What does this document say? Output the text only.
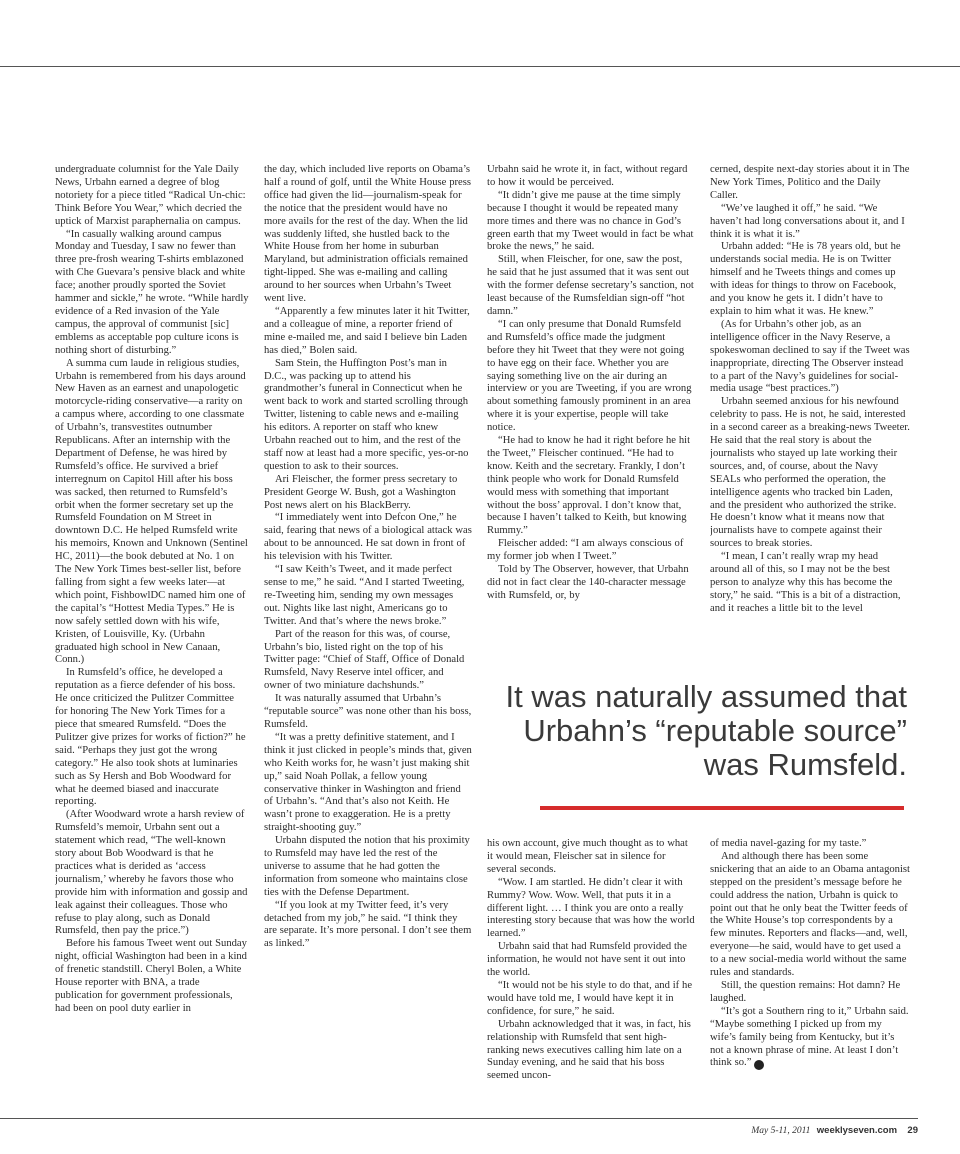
undergraduate columnist for the Yale Daily News, Urbahn earned a degree of blog notoriety for a piece titled “Radical Un-chic: Think Before You Wear,” which decried the uptick of Marxist paraphernalia on campus.

“In casually walking around campus Monday and Tuesday, I saw no fewer than three pre-frosh wearing T-shirts emblazoned with Che Guevara’s pensive black and white face; another proudly sported the Soviet hammer and sickle,” he wrote. “While hardly evidence of a Red invasion of the Yale campus, the approval of communist [sic] emblems as acceptable pop culture icons is nothing short of disturbing.”

A summa cum laude in religious studies, Urbahn is remembered from his days around New Haven as an earnest and unapologetic motorcycle-riding conservative—a rarity on a campus where, according to one classmate of Urbahn’s, transvestites outnumber Republicans. After an internship with the Department of Defense, he was hired by Rumsfeld’s office. He survived a brief interregnum on Capitol Hill after his boss was sacked, then returned to Rumsfeld’s orbit when the former secretary set up the Rumsfeld Foundation on M Street in downtown D.C. He helped Rumsfeld write his memoirs, Known and Unknown (Sentinel HC, 2011)—the book debuted at No. 1 on The New York Times best-seller list, before falling from sight a few weeks later—at which point, FishbowlDC named him one of the capital’s “Hottest Media Types.” He is now safely settled down with his wife, Kristen, of Louisville, Ky. (Urbahn graduated high school in New Canaan, Conn.)

In Rumsfeld’s office, he developed a reputation as a fierce defender of his boss. He once criticized the Pulitzer Committee for honoring The New York Times for a piece that smeared Rumsfeld. “Does the Pulitzer give prizes for works of fiction?” he said. “Perhaps they just got the wrong category.” He also took shots at luminaries such as Sy Hersh and Bob Woodward for what he deemed biased and inaccurate reporting.

(After Woodward wrote a harsh review of Rumsfeld’s memoir, Urbahn sent out a statement which read, “The well-known story about Bob Woodward is that he practices what is derided as ‘access journalism,’ whereby he favors those who provide him with information and gossip and leak against their colleagues. Those who refuse to play along, such as Donald Rumsfeld, then pay the price.”)

Before his famous Tweet went out Sunday night, official Washington had been in a kind of frenetic standstill. Cheryl Bolen, a White House reporter with BNA, a trade publication for government professionals, had been on pool duty earlier in

the day, which included live reports on Obama’s half a round of golf, until the White House press office had given the lid—journalism-speak for the notice that the president would have no more avails for the rest of the day. When the lid was suddenly lifted, she hustled back to the White House from her home in suburban Maryland, but administration officials remained tight-lipped. She was e-mailing and calling around to her sources when Urbahn’s Tweet went live.

“Apparently a few minutes later it hit Twitter, and a colleague of mine, a reporter friend of mine e-mailed me, and said I believe bin Laden has died,” Bolen said.

Sam Stein, the Huffington Post’s man in D.C., was packing up to attend his grandmother’s funeral in Connecticut when he went back to work and started scrolling through Twitter, listening to cable news and e-mailing his editors. A reporter on staff who knew Urbahn reached out to him, and the rest of the staff now at least had a more specific, yes-or-no question to ask to their sources.

Ari Fleischer, the former press secretary to President George W. Bush, got a Washington Post news alert on his BlackBerry.

“I immediately went into Defcon One,” he said, fearing that news of a biological attack was about to be announced. He sat down in front of his television with his Twitter.

“I saw Keith’s Tweet, and it made perfect sense to me,” he said. “And I started Tweeting, re-Tweeting him, sending my own messages out. Nights like last night, Americans go to Twitter. And that’s where the news broke.”

Part of the reason for this was, of course, Urbahn’s bio, listed right on the top of his Twitter page: “Chief of Staff, Office of Donald Rumsfeld, Navy Reserve intel officer, and owner of two miniature dachshunds.”

It was naturally assumed that Urbahn’s “reputable source” was none other than his boss, Rumsfeld.

“It was a pretty definitive statement, and I think it just clicked in people’s minds that, given who Keith works for, he wasn’t just making shit up,” said Noah Pollak, a fellow young conservative thinker in Washington and friend of Urbahn’s. “And that’s also not Keith. He wasn’t prone to exaggeration. He is a pretty straight-shooting guy.”

Urbahn disputed the notion that his proximity to Rumsfeld may have led the rest of the universe to assume that he had gotten the information from someone who maintains close ties with the Defense Department.

“If you look at my Twitter feed, it’s very detached from my job,” he said. “I think they are separate. It’s more personal. I don’t see them as linked.”

Urbahn said he wrote it, in fact, without regard to how it would be perceived.

“It didn’t give me pause at the time simply because I thought it would be repeated many more times and there was no chance in God’s green earth that my Tweet would in fact be what broke the news,” he said.

Still, when Fleischer, for one, saw the post, he said that he just assumed that it was sent out with the former defense secretary’s sanction, not least because of the Rumsfeldian sign-off “hot damn.”

“I can only presume that Donald Rumsfeld and Rumsfeld’s office made the judgment before they hit Tweet that they were not going to have egg on their face. Whether you are saying something live on the air during an interview or you are Tweeting, if you are wrong about something famously prominent in an area where it is your expertise, people will take notice.

“He had to know he had it right before he hit the Tweet,” Fleischer continued. “He had to know. Keith and the secretary. Frankly, I don’t think people who work for Donald Rumsfeld would mess with something that important without the boss’ approval. I don’t know that, because I haven’t talked to Keith, but knowing Rummy.”

Fleischer added: “I am always conscious of my former job when I Tweet.”

Told by The Observer, however, that Urbahn did not in fact clear the 140-character message with Rumsfeld, or, by

cerned, despite next-day stories about it in The New York Times, Politico and the Daily Caller.

“We’ve laughed it off,” he said. “We haven’t had long conversations about it, and I think it is what it is.”

Urbahn added: “He is 78 years old, but he understands social media. He is on Twitter himself and he Tweets things and comes up with ideas for things to throw on Facebook, and you know he gets it. I didn’t have to explain to him what it was. He knew.”

(As for Urbahn’s other job, as an intelligence officer in the Navy Reserve, a spokeswoman declined to say if the Tweet was inappropriate, directing The Observer instead to a part of the Navy’s guidelines for social-media usage “best practices.”)

Urbahn seemed anxious for his newfound celebrity to pass. He is not, he said, interested in a second career as a breaking-news Tweeter. He said that the real story is about the journalists who stayed up late working their sources, and, of course, about the Navy SEALs who performed the operation, the intelligence agents who tracked bin Laden, and the president who authorized the strike. He doesn’t know what it means now that journalists have to compete against their sources to break stories.

“I mean, I can’t really wrap my head around all of this, so I may not be the best person to analyze why this has become the story,” he said. “This is a bit of a distraction, and it reaches a little bit to the level

It was naturally assumed that Urbahn’s “reputable source” was Rumsfeld.

his own account, give much thought as to what it would mean, Fleischer sat in silence for several seconds.

“Wow. I am startled. He didn’t clear it with Rummy? Wow. Wow. Well, that puts it in a different light. … I think you are onto a really interesting story because that was how the world learned.”

Urbahn said that had Rumsfeld provided the information, he would not have sent it out into the world.

“It would not be his style to do that, and if he would have told me, I would have kept it in confidence, for sure,” he said.

Urbahn acknowledged that it was, in fact, his relationship with Rumsfeld that sent high-ranking news executives calling him late on a Sunday evening, and he said that his boss seemed uncon-

of media navel-gazing for my taste.”

And although there has been some snickering that an aide to an Obama antagonist stepped on the president’s message before he could address the nation, Urbahn is quick to point out that he only beat the Twitter feeds of the White House’s top correspondents by a few minutes. Reporters and flacks—and, well, everyone—he said, would have to get used a to a new social-media world without the same rules and standards.

Still, the question remains: Hot damn? He laughed.

“It’s got a Southern ring to it,” Urbahn said. “Maybe something I picked up from my wife’s family being from Kentucky, but it’s not a known phrase of mine. At least I don’t think so.” 7

May 5-11, 2011 weeklyseven.com 29
